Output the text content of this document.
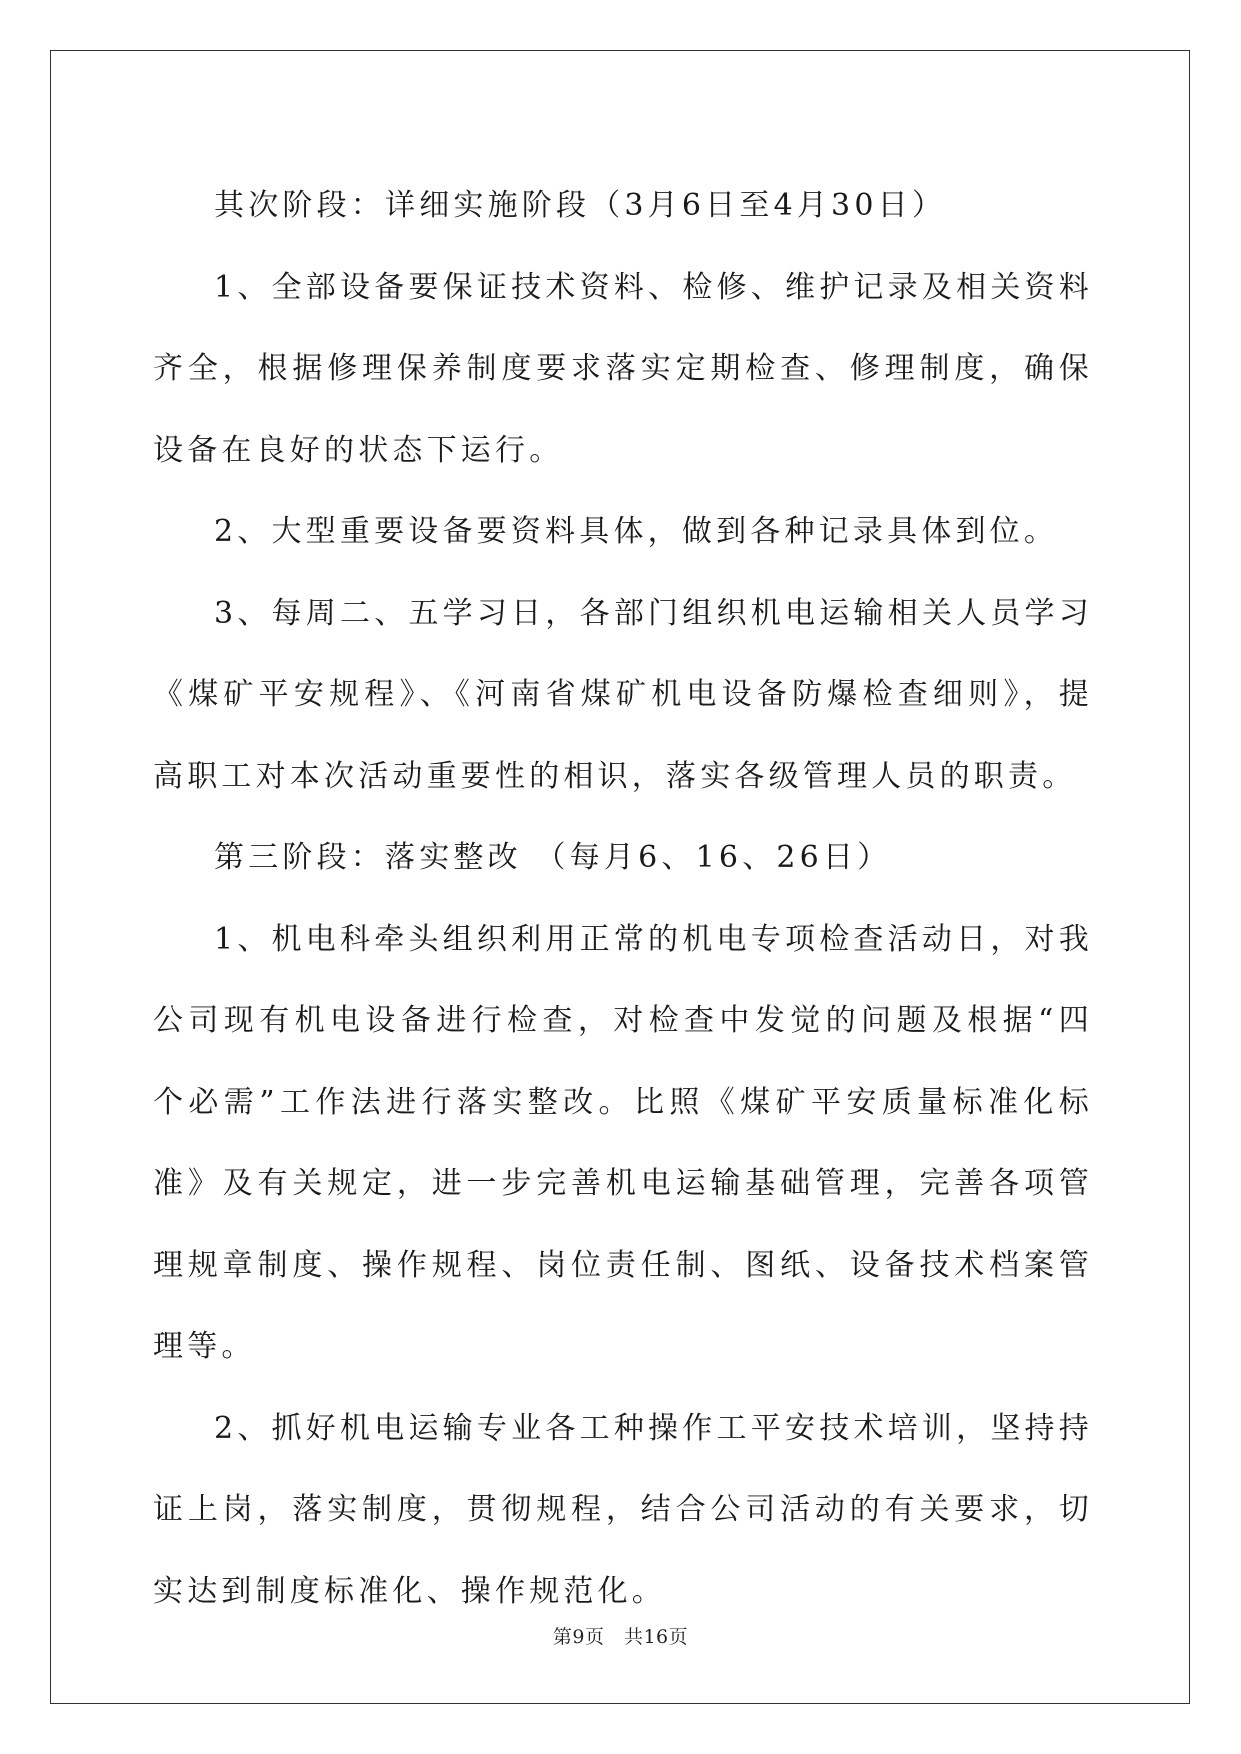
其次阶段：详细实施阶段（3月6日至4月30日）

1、全部设备要保证技术资料、检修、维护记录及相关资料齐全，根据修理保养制度要求落实定期检查、修理制度，确保设备在良好的状态下运行。

2、大型重要设备要资料具体，做到各种记录具体到位。

3、每周二、五学习日，各部门组织机电运输相关人员学习《煤矿平安规程》、《河南省煤矿机电设备防爆检查细则》，提高职工对本次活动重要性的相识，落实各级管理人员的职责。

第三阶段：落实整改 （每月6、16、26日）

1、机电科牵头组织利用正常的机电专项检查活动日，对我公司现有机电设备进行检查，对检查中发觉的问题及根据“四个必需”工作法进行落实整改。比照《煤矿平安质量标准化标准》及有关规定，进一步完善机电运输基础管理，完善各项管理规章制度、操作规程、岗位责任制、图纸、设备技术档案管理等。

2、抓好机电运输专业各工种操作工平安技术培训，坚持持证上岗，落实制度，贯彻规程，结合公司活动的有关要求，切实达到制度标准化、操作规范化。

第9页　共16页
